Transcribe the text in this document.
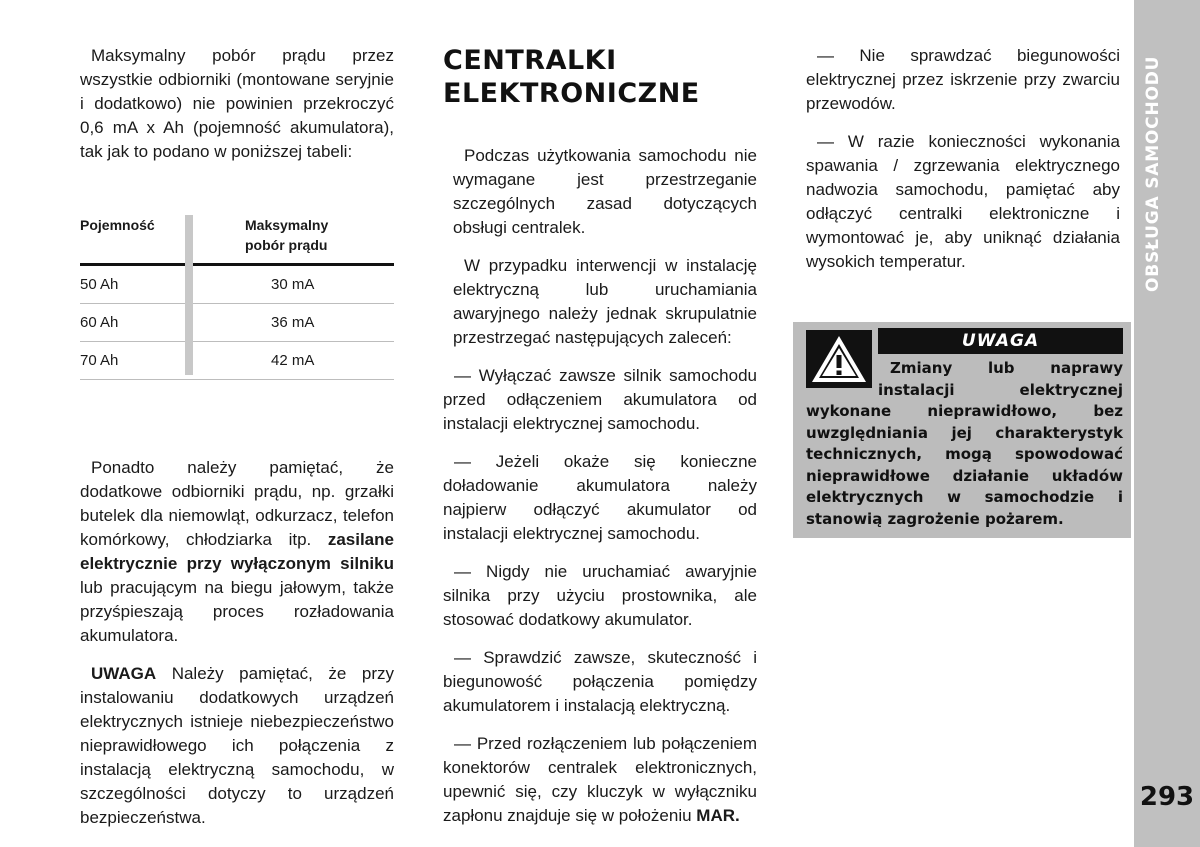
Maksymalny pobór prądu przez wszystkie odbiorniki (montowane seryjnie i dodatkowo) nie powinien przekroczyć 0,6 mA x Ah (pojemność akumulatora), tak jak to podano w poniższej tabeli:

Pojemność	Maksymalny
pobór prądu
50 Ah	30 mA
60 Ah	36 mA
70 Ah	42 mA

Ponadto należy pamiętać, że dodatkowe odbiorniki prądu, np. grzałki butelek dla niemowląt, odkurzacz, telefon komórkowy, chłodziarka itp. zasilane elektrycznie przy wyłączonym silniku lub pracującym na biegu jałowym, także przyśpieszają proces rozładowania akumulatora.

UWAGA Należy pamiętać, że przy instalowaniu dodatkowych urządzeń elektrycznych istnieje niebezpieczeństwo nieprawidłowego ich połączenia z instalacją elektryczną samochodu, w szczególności dotyczy to urządzeń bezpieczeństwa.

CENTRALKI
ELEKTRONICZNE

Podczas użytkowania samochodu nie wymagane jest przestrzeganie szczególnych zasad dotyczących obsługi centralek.

W przypadku interwencji w instalację elektryczną lub uruchamiania awaryjnego należy jednak skrupulatnie przestrzegać następujących zaleceń:

— Wyłączać zawsze silnik samochodu przed odłączeniem akumulatora od instalacji elektrycznej samochodu.

— Jeżeli okaże się konieczne doładowanie akumulatora należy najpierw odłączyć akumulator od instalacji elektrycznej samochodu.

— Nigdy nie uruchamiać awaryjnie silnika przy użyciu prostownika, ale stosować dodatkowy akumulator.

— Sprawdzić zawsze, skuteczność i biegunowość połączenia pomiędzy akumulatorem i instalacją elektryczną.

— Przed rozłączeniem lub połączeniem konektorów centralek elektronicznych, upewnić się, czy kluczyk w wyłączniku zapłonu znajduje się w położeniu MAR.

— Nie sprawdzać biegunowości elektrycznej przez iskrzenie przy zwarciu przewodów.

— W razie konieczności wykonania spawania / zgrzewania elektrycznego nadwozia samochodu, pamiętać aby odłączyć centralki elektroniczne i wymontować je, aby uniknąć działania wysokich temperatur.

UWAGA

Zmiany lub naprawy instalacji elektrycznej wykonane nieprawidłowo, bez uwzględniania jej charakterystyk technicznych, mogą spowodować nieprawidłowe działanie układów elektrycznych w samochodzie i stanowią zagrożenie pożarem.

OBSŁUGA SAMOCHODU
293
